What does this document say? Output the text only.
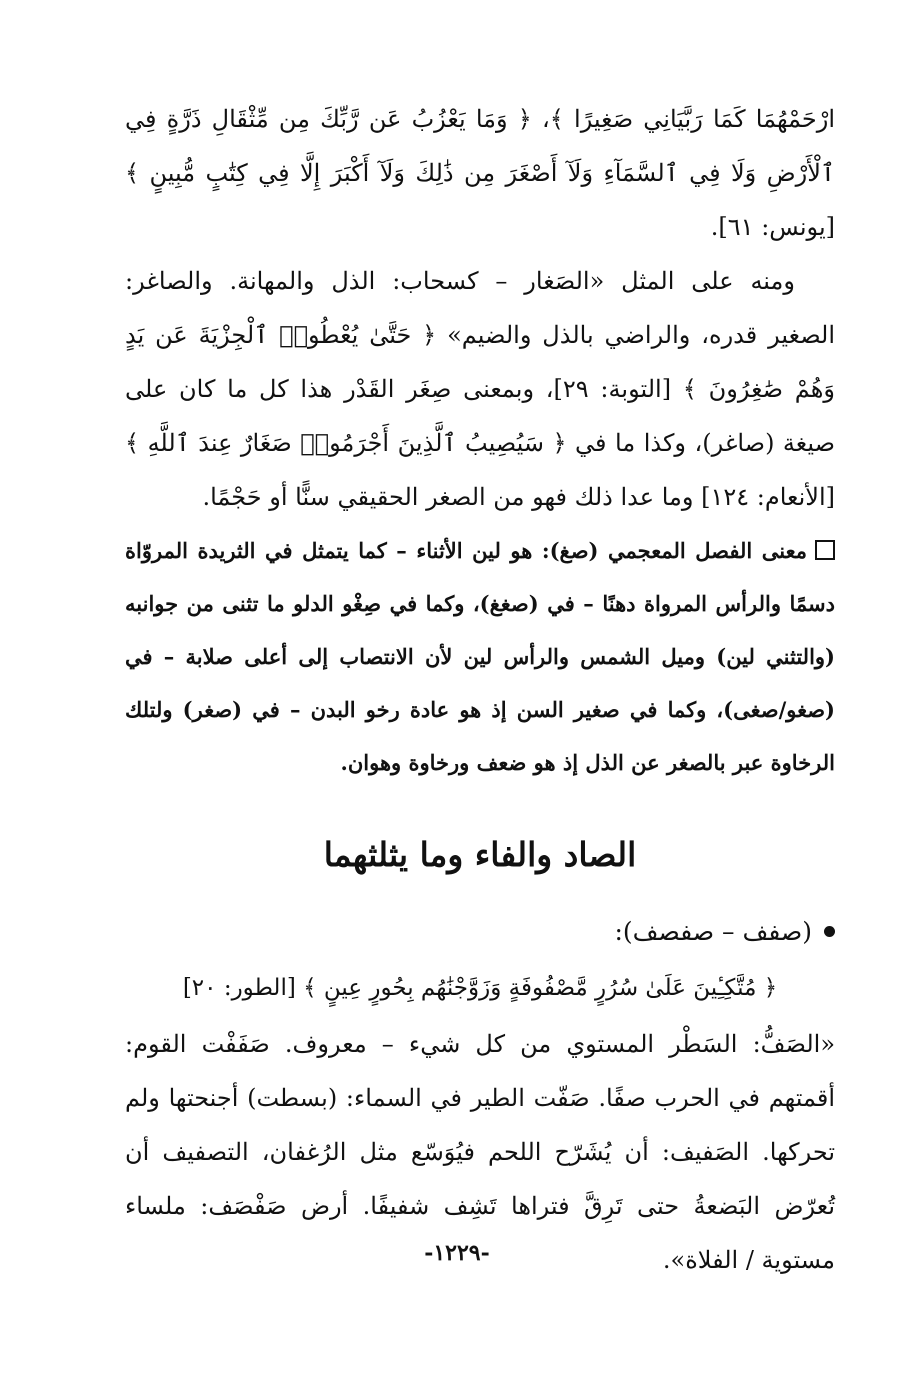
ارْحَمْهُمَا كَمَا رَبَّيَانِي صَغِيرًا ﴾، ﴿ وَمَا يَعْزُبُ عَن رَّبِّكَ مِن مِّثْقَالِ ذَرَّةٍ فِي ٱلْأَرْضِ وَلَا فِي ٱلسَّمَآءِ وَلَآ أَصْغَرَ مِن ذَٰلِكَ وَلَآ أَكْبَرَ إِلَّا فِي كِتَٰبٍ مُّبِينٍ ﴾ [يونس: ٦١].

ومنه على المثل «الصَغار – كسحاب: الذل والمهانة. والصاغر: الصغير قدره، والراضي بالذل والضيم» ﴿ حَتَّىٰ يُعْطُوا۟ ٱلْجِزْيَةَ عَن يَدٍ وَهُمْ صَٰغِرُونَ ﴾ [التوبة: ٢٩]، وبمعنى صِغَر القَدْر هذا كل ما كان على صيغة (صاغر)، وكذا ما في ﴿ سَيُصِيبُ ٱلَّذِينَ أَجْرَمُوا۟ صَغَارٌ عِندَ ٱللَّهِ ﴾ [الأنعام: ١٢٤] وما عدا ذلك فهو من الصغر الحقيقي سنًّا أو حَجْمًا.

معنى الفصل المعجمي (صغ): هو لين الأثناء – كما يتمثل في الثريدة المروّاة دسمًا والرأس المرواة دهنًا – في (صغغ)، وكما في صِغْو الدلو ما تثنى من جوانبه (والتثني لين) وميل الشمس والرأس لين لأن الانتصاب إلى أعلى صلابة – في (صغو/صغى)، وكما في صغير السن إذ هو عادة رخو البدن – في (صغر) ولتلك الرخاوة عبر بالصغر عن الذل إذ هو ضعف ورخاوة وهوان.

الصاد والفاء وما يثلثهما

(صفف – صفصف):

﴿ مُتَّكِـِٔينَ عَلَىٰ سُرُرٍ مَّصْفُوفَةٍ وَزَوَّجْنَٰهُم بِحُورٍ عِينٍ ﴾ [الطور: ٢٠]

«الصَفُّ: السَطْر المستوي من كل شيء – معروف. صَفَفْت القوم: أقمتهم في الحرب صفًا. صَفّت الطير في السماء: (بسطت) أجنحتها ولم تحركها. الصَفيف: أن يُشَرّح اللحم فيُوَسّع مثل الرُغفان، التصفيف أن تُعرّض البَضعةُ حتى تَرِقَّ فتراها تَشِف شفيفًا. أرض صَفْصَف: ملساء مستوية / الفلاة».

-١٢٢٩-
